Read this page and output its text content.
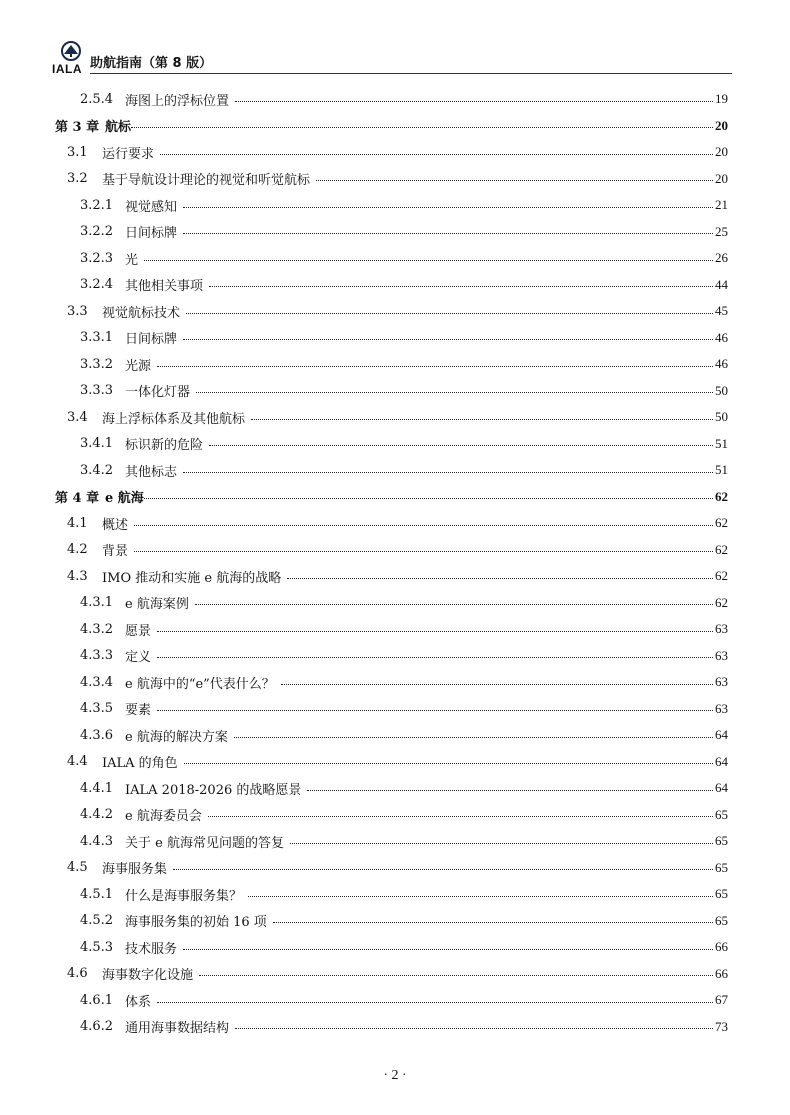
IALA 助航指南（第 8 版）
2.5.4 海图上的浮标位置	19
第 3 章 航标	20
3.1	运行要求	20
3.2	基于导航设计理论的视觉和听觉航标	20
3.2.1 视觉感知	21
3.2.2 日间标牌	25
3.2.3 光	26
3.2.4 其他相关事项	44
3.3	视觉航标技术	45
3.3.1 日间标牌	46
3.3.2 光源	46
3.3.3 一体化灯器	50
3.4	海上浮标体系及其他航标	50
3.4.1 标识新的危险	51
3.4.2 其他标志	51
第 4 章 e 航海	62
4.1	概述	62
4.2	背景	62
4.3	IMO 推动和实施 e 航海的战略	62
4.3.1 e 航海案例	62
4.3.2 愿景	63
4.3.3 定义	63
4.3.4 e 航海中的“e”代表什么？	63
4.3.5 要素	63
4.3.6 e 航海的解决方案	64
4.4	IALA 的角色	64
4.4.1 IALA 2018-2026 的战略愿景	64
4.4.2 e 航海委员会	65
4.4.3 关于 e 航海常见问题的答复	65
4.5	海事服务集	65
4.5.1 什么是海事服务集？	65
4.5.2 海事服务集的初始 16 项	65
4.5.3 技术服务	66
4.6	海事数字化设施	66
4.6.1 体系	67
4.6.2 通用海事数据结构	73
· 2 ·
